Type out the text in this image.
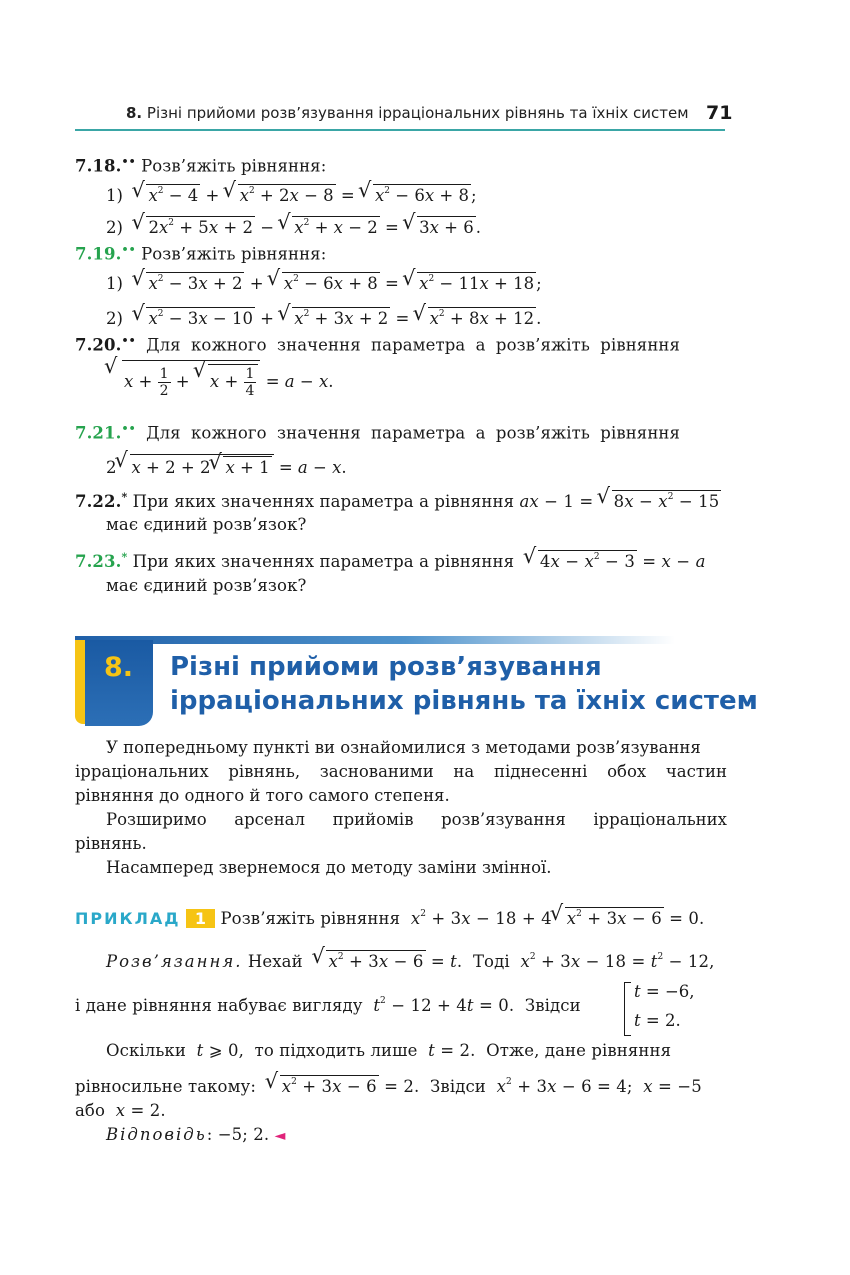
8. Різні прийоми розв’язування ірраціональних рівнянь та їхніх систем 71
7.18.•• Розв’яжіть рівняння:
1)  √ $x^2 - 4$ + √ $x^2 + 2x - 8$ = √ $x^2 - 6x + 8$ ;
2)  √ $2x^2 + 5x + 2$ − √ $x^2 + x - 2$ = √ 3x + 6 .
7.19.•• Розв’яжіть рівняння:
1)  √ $x^2 - 3x + 2$ + √ $x^2 - 6x + 8$ = √ $x^2 - 11x + 18$ ;
2)  √ $x^2 - 3x - 10$ + √ $x^2 + 3x + 2$ = √ $x^2 + 8x + 12$ .
7.20.•• Для кожного значення параметра a розв’яжіть рівняння
√ $x + \frac{1}{2}$ + √ $x + \frac{1}{4} = a - x$.
7.21.•• Для кожного значення параметра a розв’яжіть рівняння
2√ x + 2 + 2√ x + 1 = a − x.
7.22.* При яких значеннях параметра a рівняння ax − 1 = √ $8x - x^2 - 15$
має єдиний розв’язок?
7.23.* При яких значеннях параметра a рівняння  √ $4x - x^2 - 3 = x - a$
має єдиний розв’язок?
8. Різні прийоми розв’язування
ірраціональних рівнянь та їхніх систем
У попередньому пункті ви ознайомилися з методами розв’язування
ірраціональних рівнянь, заснованими на піднесенні обох частин
рівняння до одного й того самого степеня.
Розширимо арсенал прийомів розв’язування ірраціональних
рівнянь.
Насамперед звернемося до методу заміни змінної.
ПРИКЛАД 1 Розв’яжіть рівняння $x^2 + 3x - 18 + 4√$ $x^2 + 3x - 6 = 0$.
Розв’язання. Нехай  √ $x^2 + 3x - 6 = t$.  Тоді $x^2 + 3x - 18 = t^2 - 12$,
і дане рівняння набуває вигляду $t^2 - 12 + 4t = 0$.  Звідси
t = −6,
t = 2.
Оскільки t ⩾ 0,  то підходить лише t = 2.  Отже, дане рівняння
рівносильне такому:  √ $x^2 + 3x - 6 = 2$.  Звідси $x^2 + 3x - 6 = 4$;  x = −5
або x = 2.
Відповідь: −5; 2. ◄
